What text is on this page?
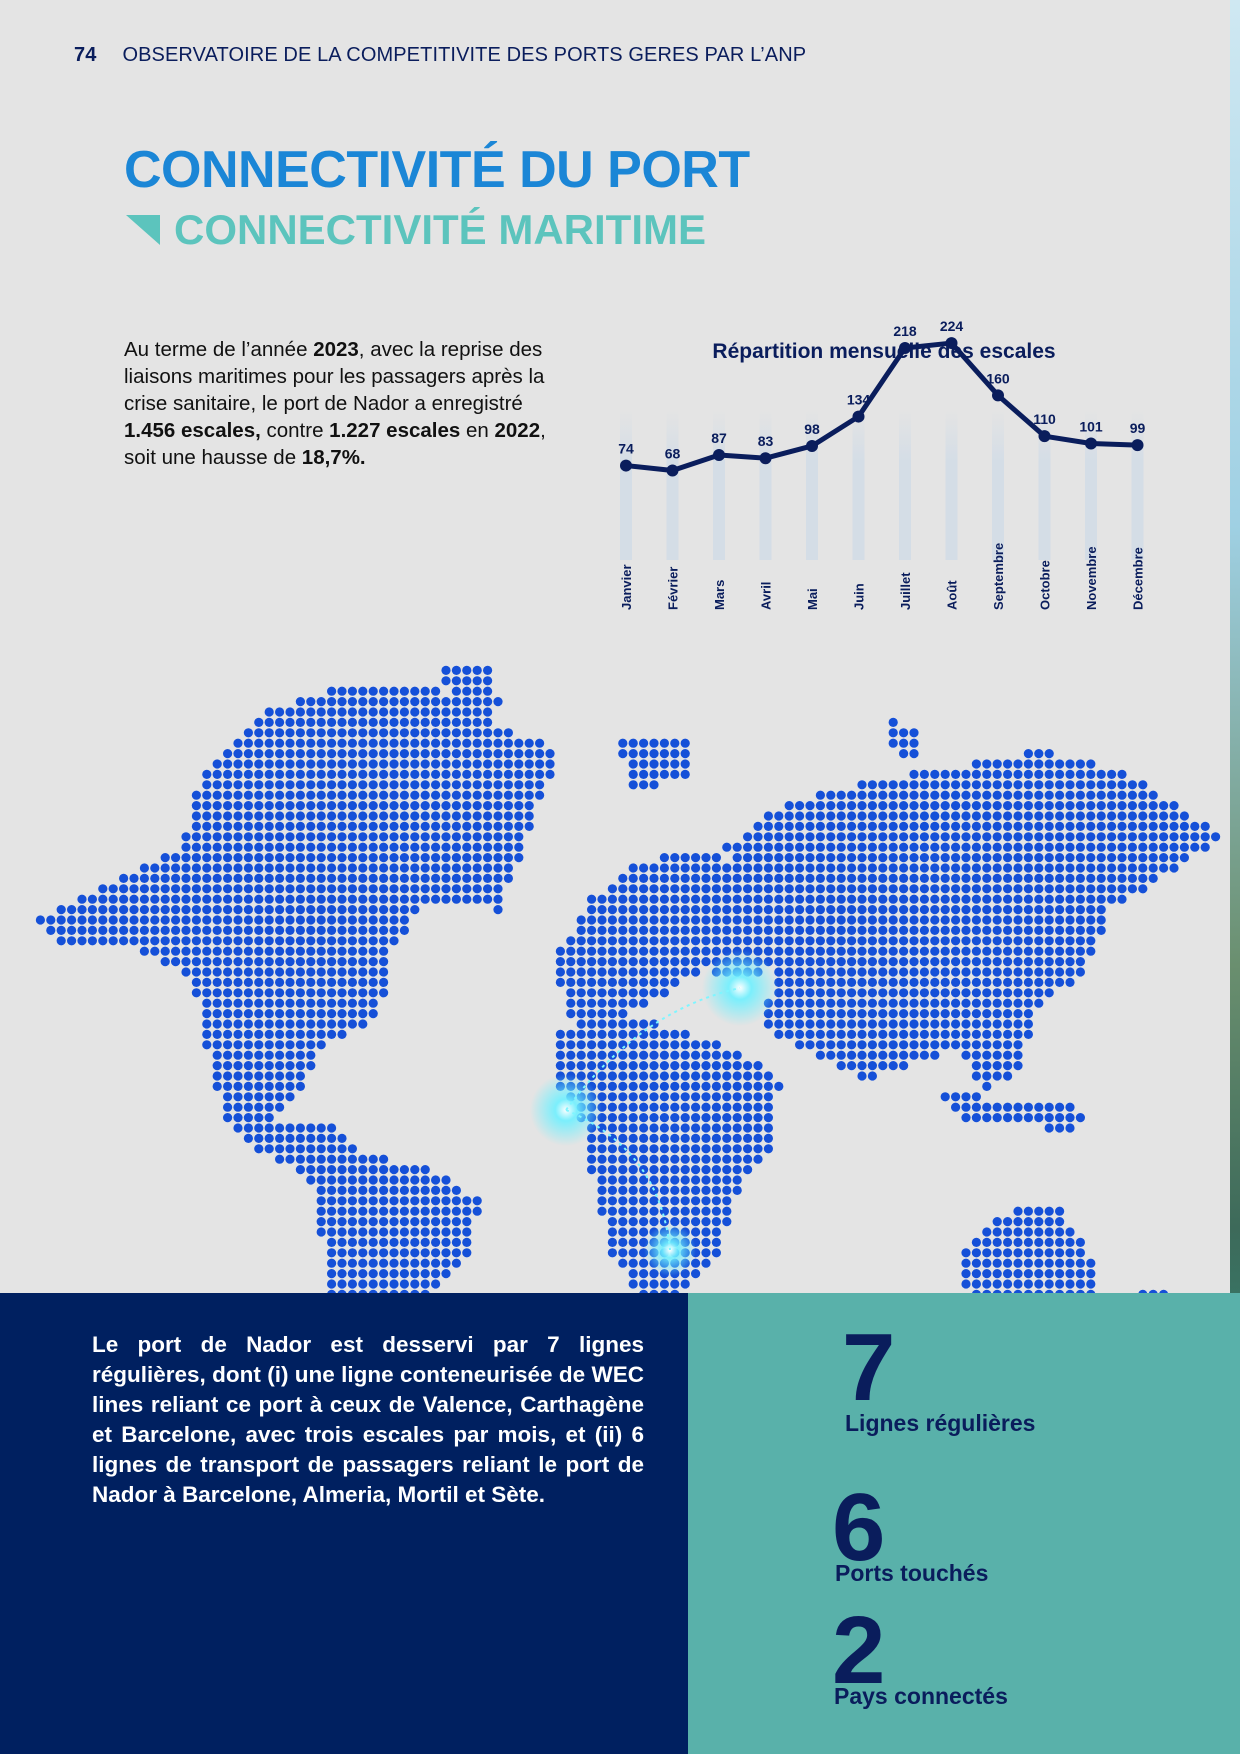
74 OBSERVATOIRE DE LA COMPETITIVITE DES PORTS GERES PAR L’ANP
CONNECTIVITÉ DU PORT
CONNECTIVITÉ MARITIME
Au terme de l’année 2023, avec la reprise des liaisons maritimes pour les passagers après la crise sanitaire, le port de Nador a enregistré 1.456 escales, contre 1.227 escales en 2022, soit une hausse de 18,7%.	74 68
87 83
98
134
218 224
160
110 101 99
Janvier Février Mars Avril Mai Juin Juillet Août Septembre Octobre Novembre Décembre
Répartition mensuelle des escales
Le port de Nador est desservi par 7 lignes régulières, dont (i) une ligne conteneurisée de WEC lines reliant ce port à ceux de Valence, Carthagène et Barcelone, avec trois escales par mois, et (ii) 6 lignes de transport de passagers reliant le port de Nador à Barcelone, Almeria, Mortil et Sète.
7
Lignes régulières
6
Ports touchés
2
Pays connectés
